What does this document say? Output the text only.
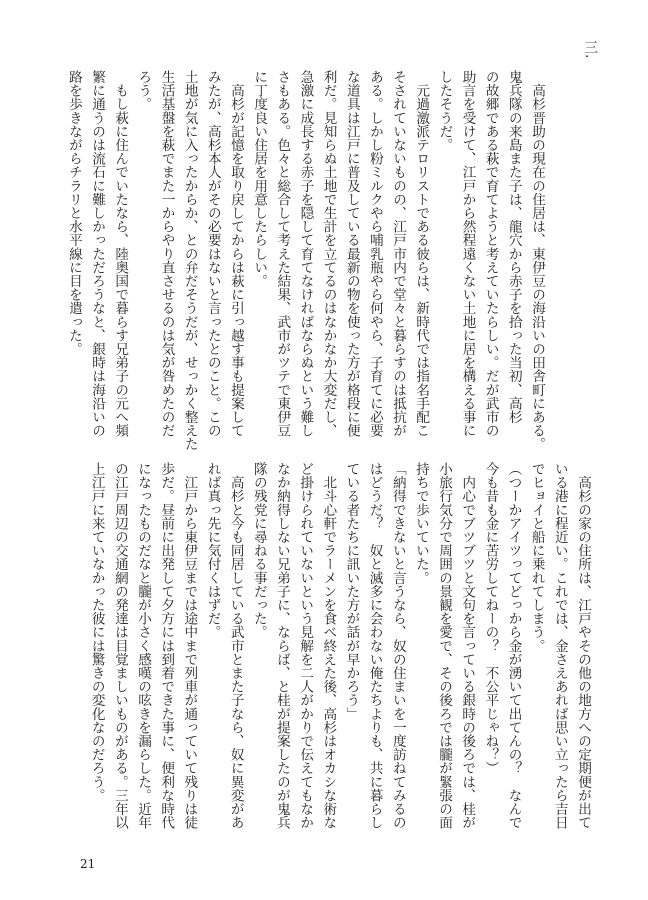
三.
　高杉晋助の現在の住居は、東伊豆の海沿いの田舎町にある。
鬼兵隊の来島また子は、龍穴から赤子を拾った当初、高杉
の故郷である萩で育てようと考えていたらしい。だが武市の
助言を受けて、江戸から然程遠くない土地に居を構える事に
したそうだ。
　元過激派テロリストである彼らは、新時代では指名手配こ
そされていないものの、江戸市内で堂々と暮らすのは抵抗が
ある。しかし粉ミルクやら哺乳瓶やら何やら、子育てに必要
な道具は江戸に普及している最新の物を使った方が格段に便
利だ。見知らぬ土地で生計を立てるのはなかなか大変だし、
急激に成長する赤子を隠して育てなければならぬという難し
さもある。色々と総合して考えた結果、武市がツテで東伊豆
に丁度良い住居を用意したらしい。
　高杉が記憶を取り戻してからは萩に引っ越す事も提案して
みたが、高杉本人がその必要はないと言ったとのこと。この
土地が気に入ったからか、との弁だそうだが、せっかく整えた
生活基盤を萩でまた一からやり直させるのは気が咎めたのだ
ろう。
　もし萩に住んでいたなら、陸奥国で暮らす兄弟子の元へ頻
繁に通うのは流石に難しかっただろうなと、銀時は海沿いの
路を歩きながらチラリと水平線に目を遣った。
　高杉の家の住所は、江戸やその他の地方への定期便が出て
いる港に程近い。これでは、金さえあれば思い立ったら吉日
でヒョイと船に乗れてしまう。
（つーかアイツってどっから金が湧いて出てんの？　なんで
今も昔も金に苦労してねーの？　不公平じゃね？）
　内心でブツブツと文句を言っている銀時の後ろでは、桂が
小旅行気分で周囲の景観を愛で、その後ろでは朧が緊張の面
持ちで歩いていた。
「納得できないと言うなら、奴の住まいを一度訪ねてみるの
はどうだ？　奴と滅多に会わない俺たちよりも、共に暮らし
ている者たちに訊いた方が話が早かろう」
　北斗心軒でラーメンを食べ終えた後、高杉はオカシな術な
ど掛けられていないという見解を二人がかりで伝えてもなか
なか納得しない兄弟子に、ならば、と桂が提案したのが鬼兵
隊の残党に尋ねる事だった。
　高杉と今も同居している武市とまた子なら、奴に異変があ
れば真っ先に気付くはずだ。
　江戸から東伊豆までは途中まで列車が通っていて残りは徒
歩だ。昼前に出発して夕方には到着できた事に、便利な時代
になったものだなと朧が小さく感嘆の呟きを漏らした。近年
の江戸周辺の交通網の発達は目覚ましいものがある。三年以
上江戸に来ていなかった彼には驚きの変化なのだろう。
21
